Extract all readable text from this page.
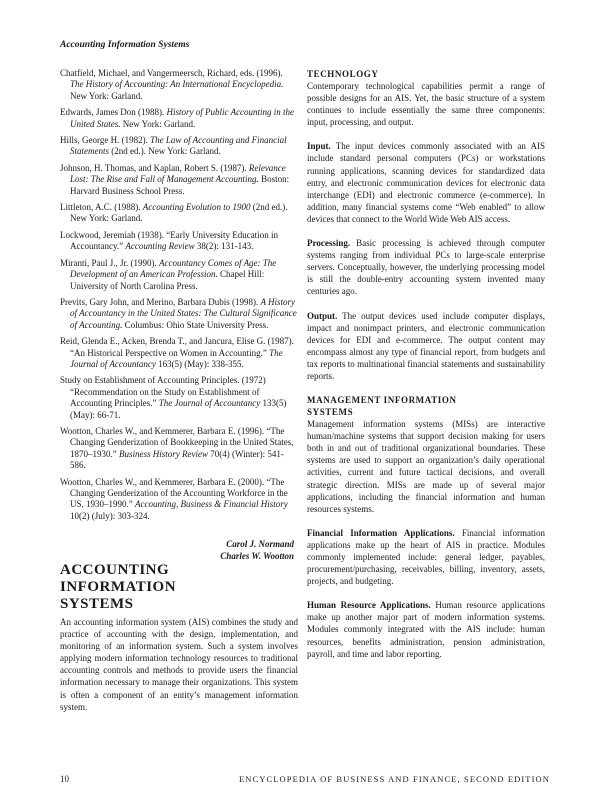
Accounting Information Systems

Chatfield, Michael, and Vangermeersch, Richard, eds. (1996). The History of Accounting: An International Encyclopedia. New York: Garland.

Edwards, James Don (1988). History of Public Accounting in the United States. New York: Garland.

Hills, George H. (1982). The Law of Accounting and Financial Statements (2nd ed.). New York: Garland.

Johnson, H. Thomas, and Kaplan, Robert S. (1987). Relevance Lost: The Rise and Fall of Management Accounting. Boston: Harvard Business School Press.

Littleton, A.C. (1988). Accounting Evolution to 1900 (2nd ed.). New York: Garland.

Lockwood, Jeremiah (1938). “Early University Education in Accountancy.” Accounting Review 38(2): 131-143.

Miranti, Paul J., Jr. (1990). Accountancy Comes of Age: The Development of an American Profession. Chapel Hill: University of North Carolina Press.

Previts, Gary John, and Merino, Barbara Dubis (1998). A History of Accountancy in the United States: The Cultural Significance of Accounting. Columbus: Ohio State University Press.

Reid, Glenda E., Acken, Brenda T., and Jancura, Elise G. (1987). “An Historical Perspective on Women in Accounting.” The Journal of Accountancy 163(5) (May): 338-355.

Study on Establishment of Accounting Principles. (1972) “Recommendation on the Study on Establishment of Accounting Principles.” The Journal of Accountancy 133(5) (May): 66-71.

Wootton, Charles W., and Kemmerer, Barbara E. (1996). “The Changing Genderization of Bookkeeping in the United States, 1870–1930.” Business History Review 70(4) (Winter): 541-586.

Wootton, Charles W., and Kemmerer, Barbara E. (2000). “The Changing Genderization of the Accounting Workforce in the US, 1930–1990.” Accounting, Business & Financial History 10(2) (July): 303-324.

Carol J. Normand
Charles W. Wootton
ACCOUNTING
INFORMATION
SYSTEMS

An accounting information system (AIS) combines the study and practice of accounting with the design, implementation, and monitoring of an information system. Such a system involves applying modern information technology resources to traditional accounting controls and methods to provide users the financial information necessary to manage their organizations. This system is often a component of an entity’s management information system.

TECHNOLOGY

Contemporary technological capabilities permit a range of possible designs for an AIS. Yet, the basic structure of a system continues to include essentially the same three components: input, processing, and output.

Input. The input devices commonly associated with an AIS include standard personal computers (PCs) or workstations running applications, scanning devices for standardized data entry, and electronic communication devices for electronic data interchange (EDI) and electronic commerce (e-commerce). In addition, many financial systems come “Web enabled” to allow devices that connect to the World Wide Web AIS access.

Processing. Basic processing is achieved through computer systems ranging from individual PCs to large-scale enterprise servers. Conceptually, however, the underlying processing model is still the double-entry accounting system invented many centuries ago.

Output. The output devices used include computer displays, impact and nonimpact printers, and electronic communication devices for EDI and e-commerce. The output content may encompass almost any type of financial report, from budgets and tax reports to multinational financial statements and sustainability reports.

MANAGEMENT INFORMATION
SYSTEMS

Management information systems (MISs) are interactive human/machine systems that support decision making for users both in and out of traditional organizational boundaries. These systems are used to support an organization’s daily operational activities, current and future tactical decisions, and overall strategic direction. MISs are made up of several major applications, including the financial information and human resources systems.

Financial Information Applications. Financial information applications make up the heart of AIS in practice. Modules commonly implemented include: general ledger, payables, procurement/purchasing, receivables, billing, inventory, assets, projects, and budgeting.

Human Resource Applications. Human resource applications make up another major part of modern information systems. Modules commonly integrated with the AIS include: human resources, benefits administration, pension administration, payroll, and time and labor reporting.

10	ENCYCLOPEDIA OF BUSINESS AND FINANCE, SECOND EDITION
